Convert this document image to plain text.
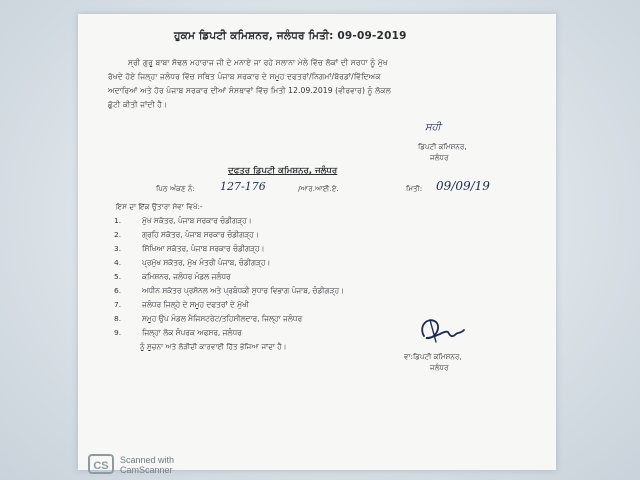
ਹੁਕਮ ਡਿਪਟੀ ਕਮਿਸ਼ਨਰ, ਜਲੰਧਰ ਮਿਤੀ: 09-09-2019
ਸ੍ਰੀ ਗੁਰੂ ਬਾਬਾ ਸੋਢਲ ਮਹਾਰਾਜ ਜੀ ਦੇ ਮਨਾਏ ਜਾ ਰਹੇ ਸਲਾਨਾ ਮੇਲੇ ਵਿੱਚ ਲੋਕਾਂ ਦੀ ਸਰਧਾ ਨੂੰ ਮੁੱਖ
ਰੱਖਦੇ ਹੋਏ ਜਿਲ੍ਹਾ ਜਲੰਧਰ ਵਿੱਚ ਸਥਿਤ ਪੰਜਾਬ ਸਰਕਾਰ ਦੇ ਸਮੂਹ ਦਫਤਰਾਂ/ਨਿਗਮਾਂ/ਬੋਰਡਾਂ/ਵਿੱਦਿਅਕ
ਅਦਾਰਿਆਂ ਅਤੇ ਹੋਰ ਪੰਜਾਬ ਸਰਕਾਰ ਦੀਆਂ ਸੰਸਥਾਵਾਂ ਵਿੱਚ ਮਿਤੀ 12.09.2019 (ਵੀਰਵਾਰ) ਨੂੰ ਲੋਕਲ
ਛੁੱਟੀ ਕੀਤੀ ਜਾਂਦੀ ਹੈ।
ਸਹੀ
ਡਿਪਟੀ ਕਮਿਸ਼ਨਰ,
ਜਲੰਧਰ
ਦਫਤਰ ਡਿਪਟੀ ਕਮਿਸ਼ਨਰ, ਜਲੰਧਰ
ਪਿਠ ਅੰਕਣ ਨੰ: 127-176	/ਆਰ.ਆਈ.ਏ.	ਮਿਤੀ: 09/09/19
ਇਸ ਦਾ ਇੱਕ ਉਤਾਰਾ ਸੇਵਾ ਵਿਖੇ:-
1.	ਮੁੱਖ ਸਕੱਤਰ, ਪੰਜਾਬ ਸਰਕਾਰ ਚੰਡੀਗੜ੍ਹ।
2.	ਗ੍ਰਹਿ ਸਕੱਤਰ, ਪੰਜਾਬ ਸਰਕਾਰ ਚੰਡੀਗੜ੍ਹ।
3.	ਸਿੱਖਿਆ ਸਕੱਤਰ, ਪੰਜਾਬ ਸਰਕਾਰ ਚੰਡੀਗੜ੍ਹ।
4.	ਪ੍ਰਮੁੱਖ ਸਕੱਤਰ, ਮੁੱਖ ਮੰਤਰੀ ਪੰਜਾਬ, ਚੰਡੀਗੜ੍ਹ।
5.	ਕਮਿਸ਼ਨਰ, ਜਲੰਧਰ ਮੰਡਲ ਜਲੰਧਰ
6.	ਅਧੀਨ ਸਕੱਤਰ ਪ੍ਰਸੋਨਲ ਅਤੇ ਪ੍ਰਬੰਧਕੀ ਸੁਧਾਰ ਵਿਭਾਗ ਪੰਜਾਬ, ਚੰਡੀਗੜ੍ਹ।
7.	ਜਲੰਧਰ ਜਿਲ੍ਹੇ ਦੇ ਸਮੂਹ ਦਫਤਰਾਂ ਦੇ ਮੁੱਖੀ
8.	ਸਮੂਹ ਉਪ ਮੰਡਲ ਮੈਜਿਸਟਰੇਟ/ਤਹਿਸੀਲਦਾਰ, ਜਿਲ੍ਹਾ ਜਲੰਧਰ
9.	ਜਿਲ੍ਹਾ ਲੋਕ ਸੰਪਰਕ ਅਫਸਰ, ਜਲੰਧਰ
ਨੂੰ ਸੂਚਨਾ ਅਤੇ ਲੋੜੀਂਦੀ ਕਾਰਵਾਈ ਹਿੱਤ ਭੇਜਿਆ ਜਾਂਦਾ ਹੈ।
ਵਾ:ਡਿਪਟੀ ਕਮਿਸ਼ਨਰ,
ਜਲੰਧਰ
CS	Scanned with
CamScanner
